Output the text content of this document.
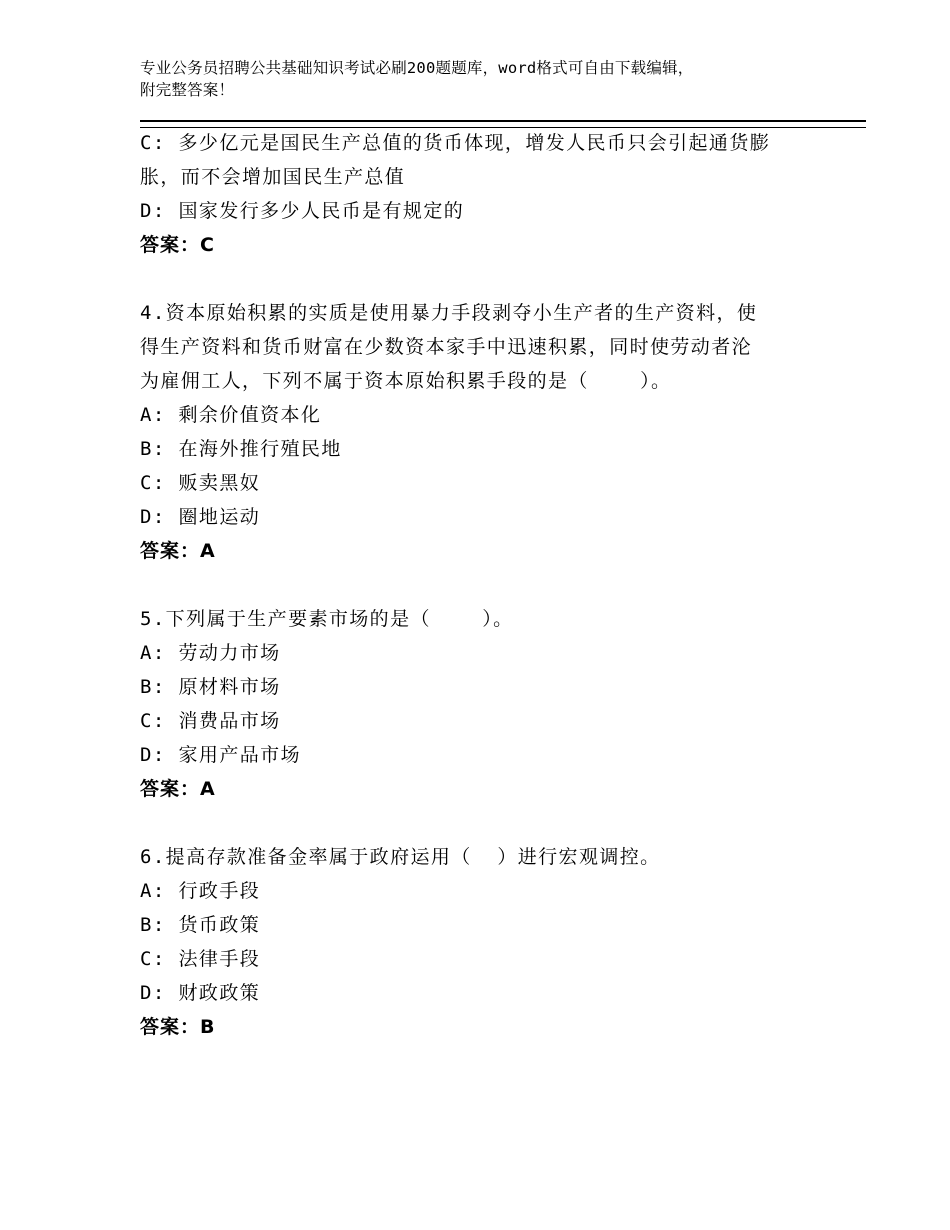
专业公务员招聘公共基础知识考试必刷200题题库，word格式可自由下载编辑，
附完整答案！
C: 多少亿元是国民生产总值的货币体现，增发人民币只会引起通货膨
胀，而不会增加国民生产总值
D: 国家发行多少人民币是有规定的
答案：C
4.资本原始积累的实质是使用暴力手段剥夺小生产者的生产资料，使
得生产资料和货币财富在少数资本家手中迅速积累，同时使劳动者沦
为雇佣工人，下列不属于资本原始积累手段的是（    ）。
A: 剩余价值资本化
B: 在海外推行殖民地
C: 贩卖黑奴
D: 圈地运动
答案：A
5.下列属于生产要素市场的是（    ）。
A: 劳动力市场
B: 原材料市场
C: 消费品市场
D: 家用产品市场
答案：A
6.提高存款准备金率属于政府运用（  ）进行宏观调控。
A: 行政手段
B: 货币政策
C: 法律手段
D: 财政政策
答案：B
